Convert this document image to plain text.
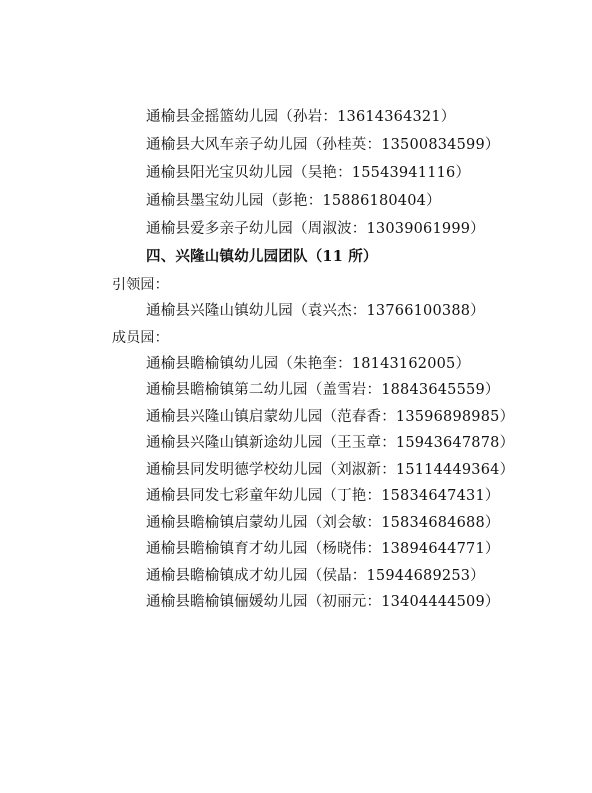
通榆县金摇篮幼儿园（孙岩：13614364321）
通榆县大风车亲子幼儿园（孙桂英：13500834599）
通榆县阳光宝贝幼儿园（吴艳：15543941116）
通榆县墨宝幼儿园（彭艳：15886180404）
通榆县爱多亲子幼儿园（周淑波：13039061999）
四、兴隆山镇幼儿园团队（11 所）
引领园：
通榆县兴隆山镇幼儿园（袁兴杰：13766100388）
成员园：
通榆县瞻榆镇幼儿园（朱艳奎：18143162005）
通榆县瞻榆镇第二幼儿园（盖雪岩：18843645559）
通榆县兴隆山镇启蒙幼儿园（范春香：13596898985）
通榆县兴隆山镇新途幼儿园（王玉章：15943647878）
通榆县同发明德学校幼儿园（刘淑新：15114449364）
通榆县同发七彩童年幼儿园（丁艳：15834647431）
通榆县瞻榆镇启蒙幼儿园（刘会敏：15834684688）
通榆县瞻榆镇育才幼儿园（杨晓伟：13894644771）
通榆县瞻榆镇成才幼儿园（侯晶：15944689253）
通榆县瞻榆镇俪媛幼儿园（初丽元：13404444509）
